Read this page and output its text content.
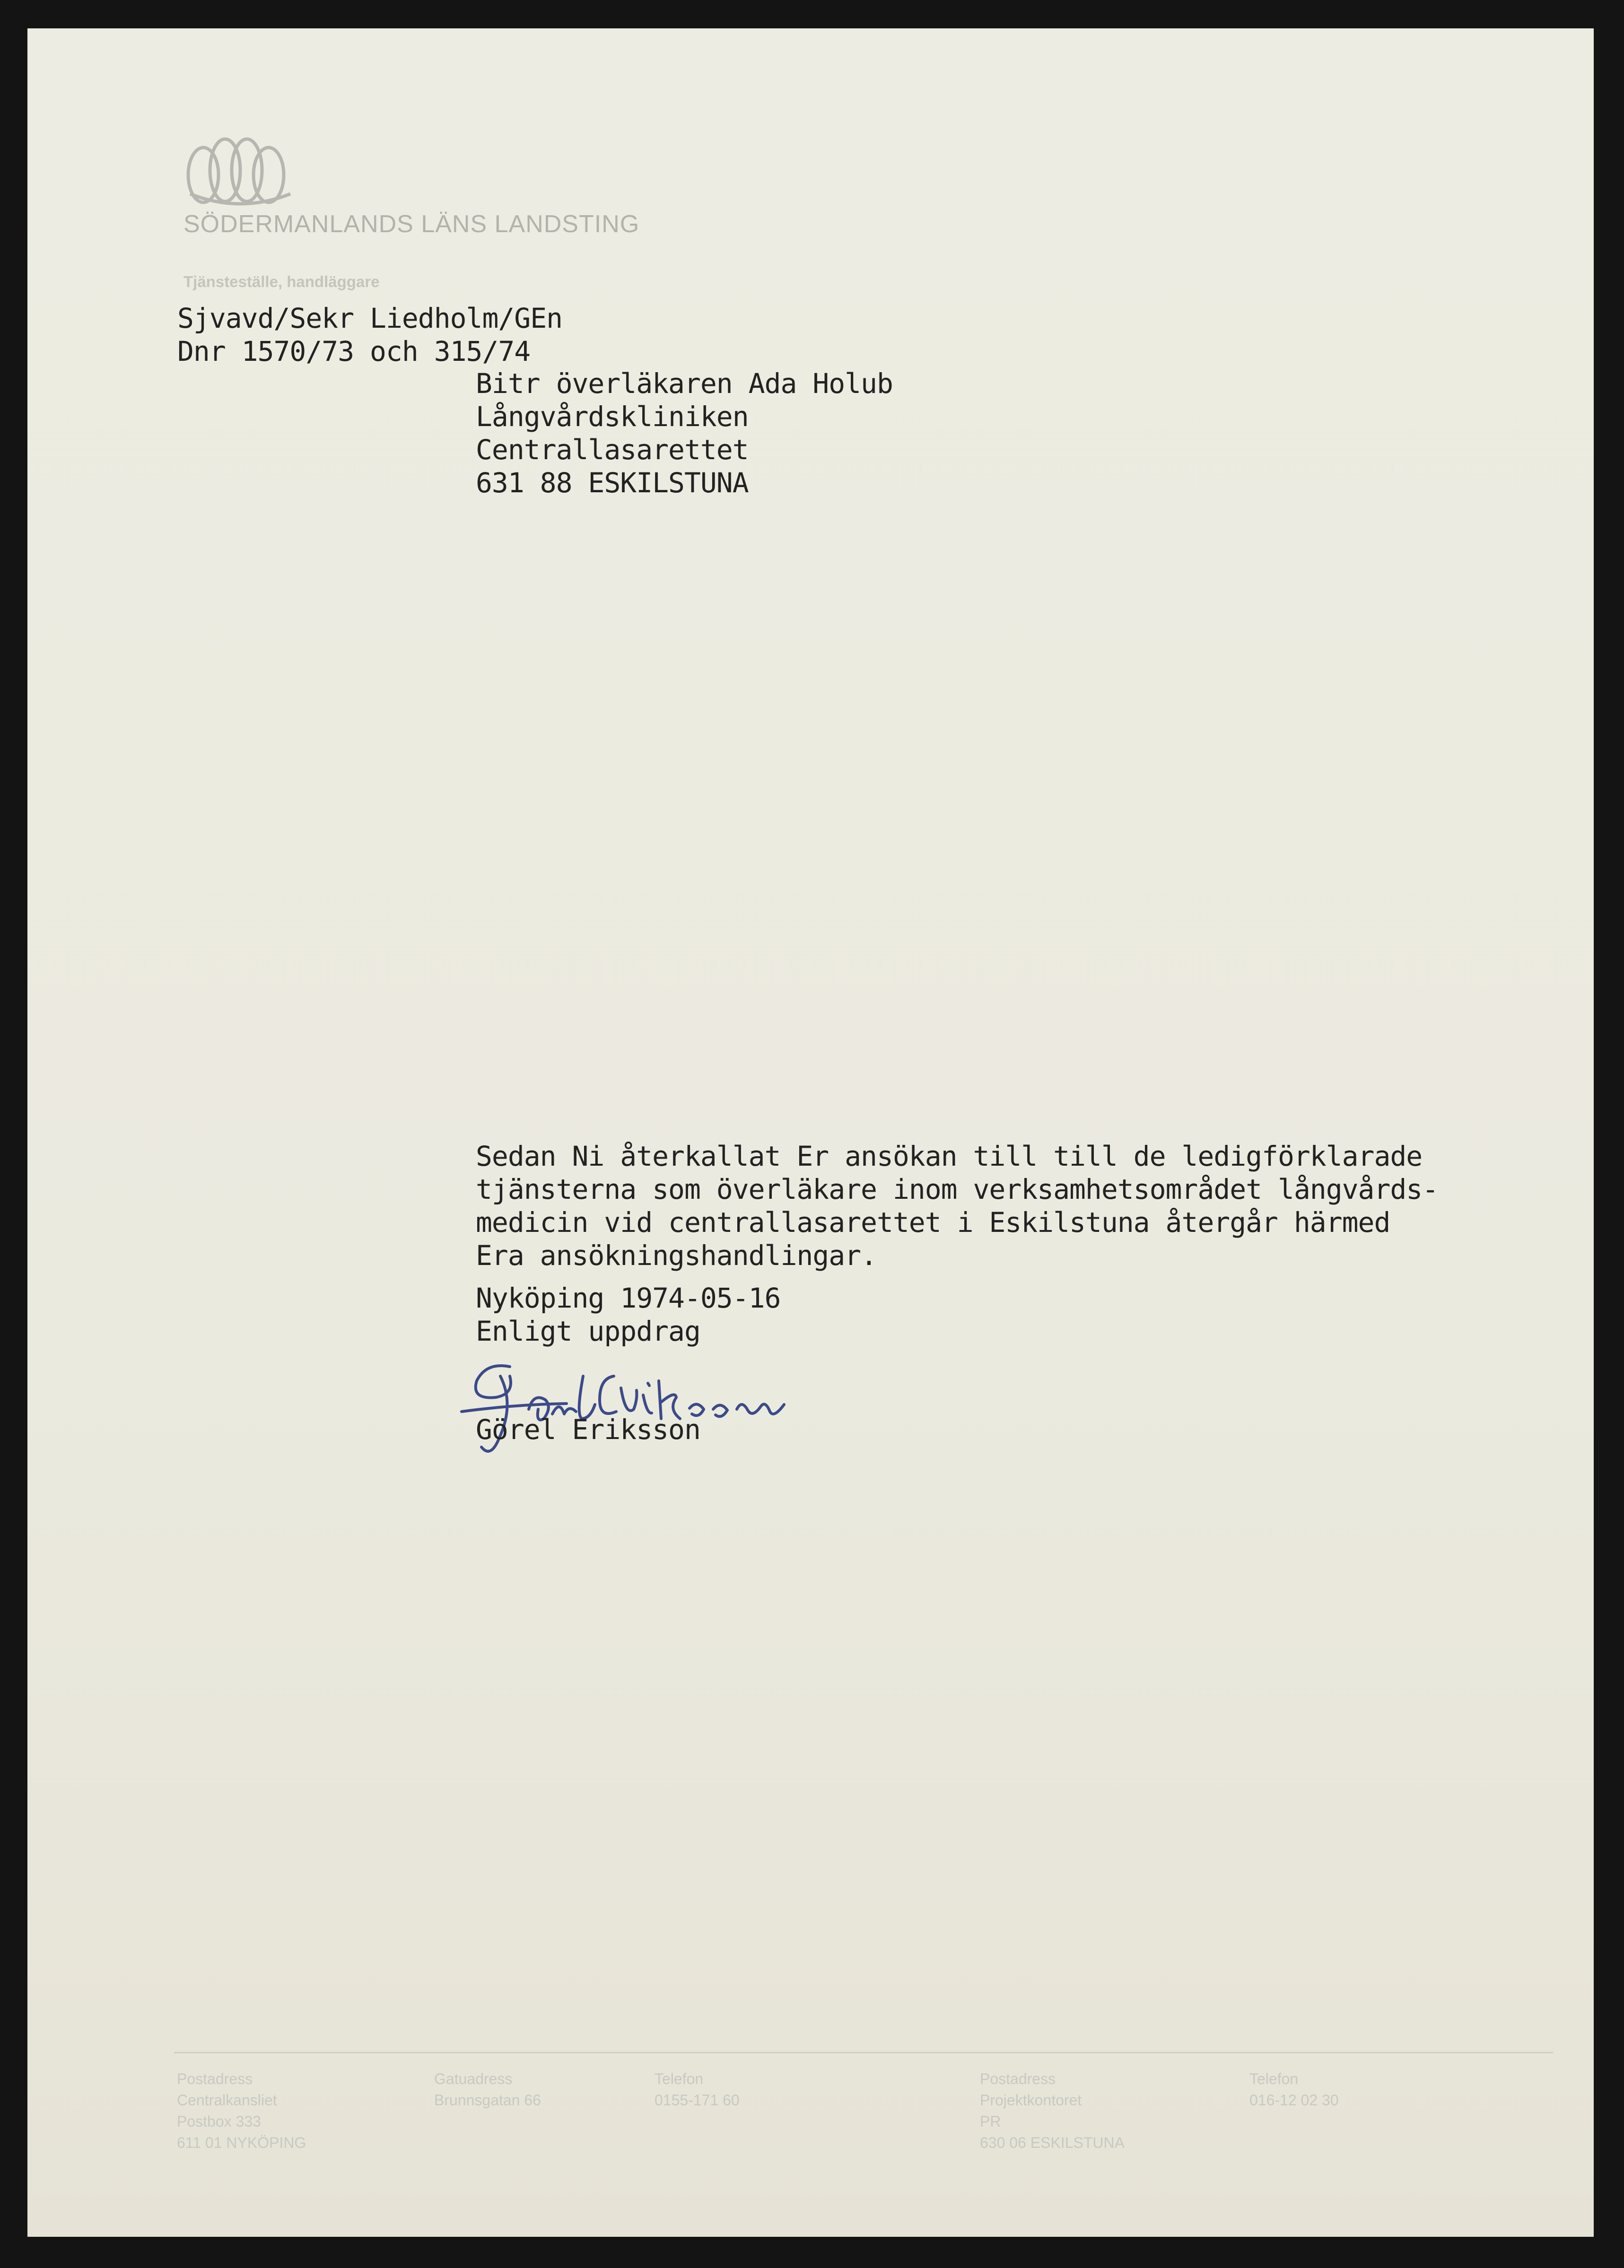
SÖDERMANLANDS LÄNS LANDSTING
Tjänsteställe, handläggare
Sjvavd/Sekr Liedholm/GEn
Dnr 1570/73 och 315/74
Bitr överläkaren Ada Holub
Långvårdskliniken
Centrallasarettet
631 88 ESKILSTUNA
Sedan Ni återkallat Er ansökan till till de ledigförklarade
tjänsterna som överläkare inom verksamhetsområdet långvårds-
medicin vid centrallasarettet i Eskilstuna återgår härmed
Era ansökningshandlingar.
Nyköping 1974-05-16
Enligt uppdrag
Görel Eriksson
Postadress
Centralkansliet
Postbox 333
611 01 NYKÖPING
Gatuadress
Brunnsgatan 66
Telefon
0155-171 60
Postadress
Projektkontoret
PR
630 06 ESKILSTUNA
Telefon
016-12 02 30
